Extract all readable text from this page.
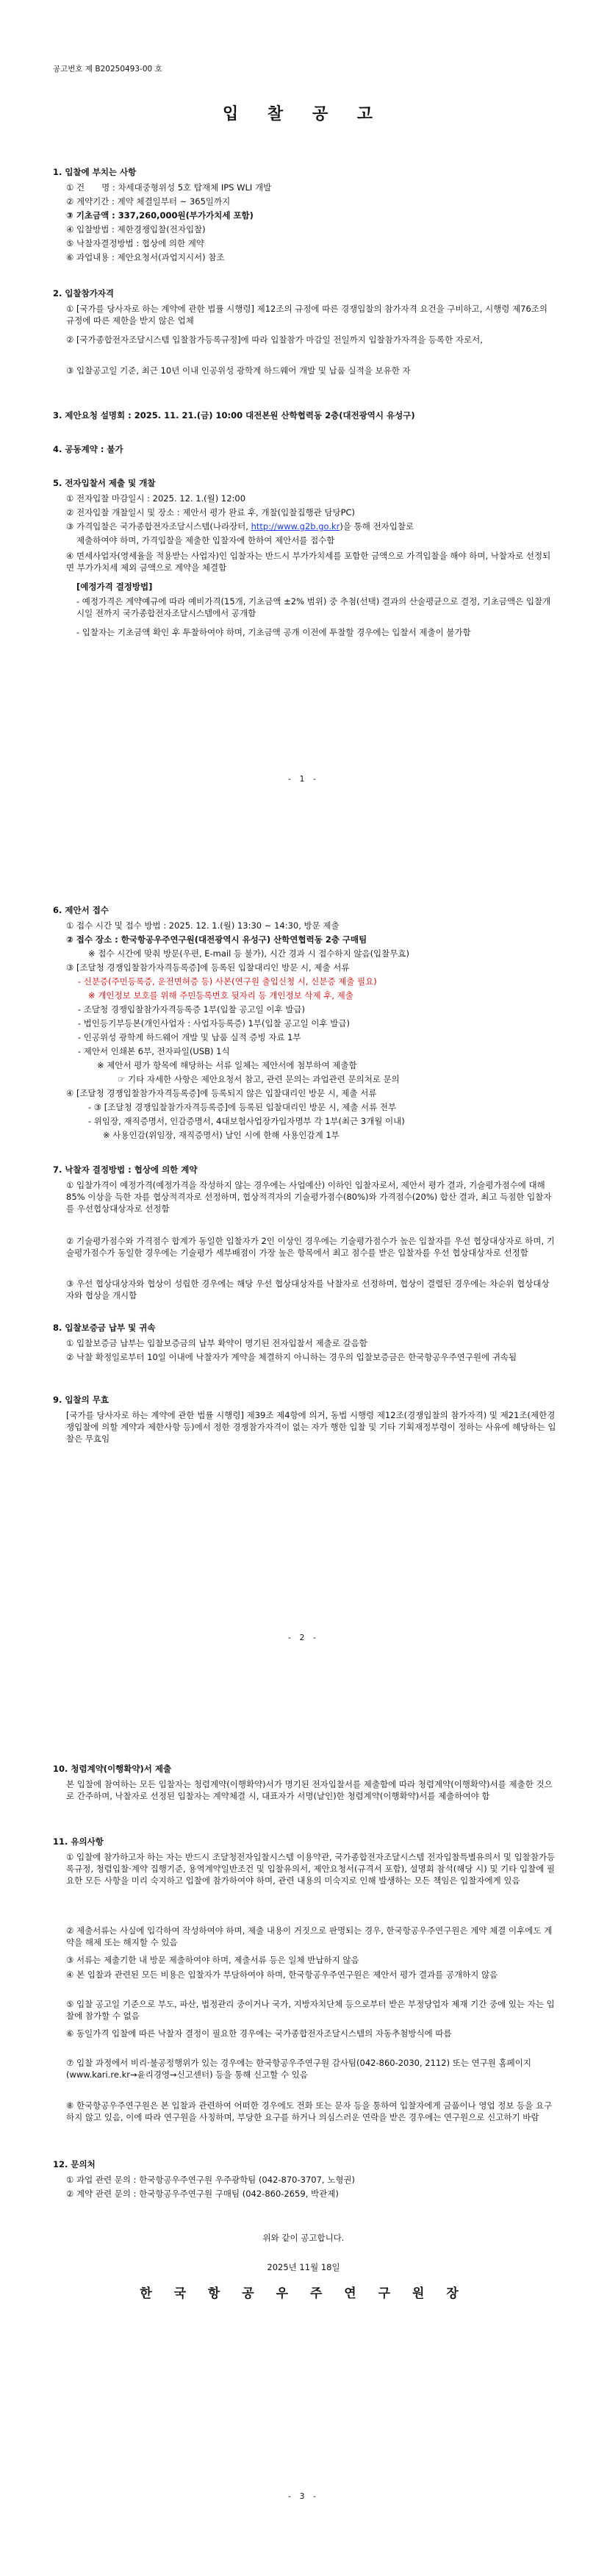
공고번호 제 B20250493-00 호
입 찰 공 고
1. 입찰에 부치는 사항
① 건　　명 : 차세대중형위성 5호 탑재체 IPS WLI 개발
② 계약기간 : 계약 체결일부터 ~ 365일까지
③ 기초금액 : 337,260,000원(부가가치세 포함)
④ 입찰방법 : 제한경쟁입찰(전자입찰)
⑤ 낙찰자결정방법 : 협상에 의한 계약
⑥ 과업내용 : 제안요청서(과업지시서) 참조
2. 입찰참가자격
① [국가를 당사자로 하는 계약에 관한 법률 시행령] 제12조의 규정에 따른 경쟁입찰의 참가자격 요건을 구비하고, 시행령 제76조의 규정에 따른 제한을 받지 않은 업체
② [국가종합전자조달시스템 입찰참가등록규정]에 따라 입찰참가 마감일 전일까지 입찰참가자격을 등록한 자로서,
③ 입찰공고일 기준, 최근 10년 이내 인공위성 광학계 하드웨어 개발 및 납품 실적을 보유한 자
3. 제안요청 설명회 : 2025. 11. 21.(금) 10:00 대전본원 산학협력동 2층(대전광역시 유성구)
4. 공동계약 : 불가
5. 전자입찰서 제출 및 개찰
① 전자입찰 마감일시 : 2025. 12. 1.(월) 12:00
② 전자입찰 개찰일시 및 장소 : 제안서 평가 완료 후, 개찰(입찰집행관 담당PC)
③ 가격입찰은 국가종합전자조달시스템(나라장터, http://www.g2b.go.kr)을 통해 전자입찰로
제출하여야 하며, 가격입찰을 제출한 입찰자에 한하여 제안서를 접수함
④ 면세사업자(영세율을 적용받는 사업자)인 입찰자는 반드시 부가가치세를 포함한 금액으로 가격입찰을 해야 하며, 낙찰자로 선정되면 부가가치세 제외 금액으로 계약을 체결함
[예정가격 결정방법]
- 예정가격은 계약예규에 따라 예비가격(15개, 기초금액 ±2% 범위) 중 추첨(선택) 결과의 산술평균으로 결정, 기초금액은 입찰개시일 전까지 국가종합전자조달시스템에서 공개함
- 입찰자는 기초금액 확인 후 투찰하여야 하며, 기초금액 공개 이전에 투찰할 경우에는 입찰서 제출이 불가함
- 1 -
6. 제안서 접수
① 접수 시간 및 접수 방법 : 2025. 12. 1.(월) 13:30 ~ 14:30, 방문 제출
② 접수 장소 : 한국항공우주연구원(대전광역시 유성구) 산학연협력동 2층 구매팀
※ 접수 시간에 맞춰 방문(우편, E-mail 등 불가), 시간 경과 시 접수하지 않음(입찰무효)
③ [조달청 경쟁입찰참가자격등록증]에 등록된 입찰대리인 방문 시, 제출 서류
- 신분증(주민등록증, 운전면허증 등) 사본(연구원 출입신청 시, 신분증 제출 필요)
※ 개인정보 보호를 위해 주민등록번호 뒷자리 등 개인정보 삭제 후, 제출
- 조달청 경쟁입찰참가자격등록증 1부(입찰 공고일 이후 발급)
- 법인등기부등본(개인사업자 : 사업자등록증) 1부(입찰 공고일 이후 발급)
- 인공위성 광학계 하드웨어 개발 및 납품 실적 증빙 자료 1부
- 제안서 인쇄본 6부, 전자파일(USB) 1식
※ 제안서 평가 항목에 해당하는 서류 일체는 제안서에 첨부하여 제출함
☞ 기타 자세한 사항은 제안요청서 참고, 관련 문의는 과업관련 문의처로 문의
④ [조달청 경쟁입찰참가자격등록증]에 등록되지 않은 입찰대리인 방문 시, 제출 서류
- ③ [조달청 경쟁입찰참가자격등록증]에 등록된 입찰대리인 방문 시, 제출 서류 전부
- 위임장, 재직증명서, 인감증명서, 4대보험사업장가입자명부 각 1부(최근 3개월 이내)
※ 사용인감(위임장, 재직증명서) 날인 시에 한해 사용인감계 1부
7. 낙찰자 결정방법 : 협상에 의한 계약
① 입찰가격이 예정가격(예정가격을 작성하지 않는 경우에는 사업예산) 이하인 입찰자로서, 제안서 평가 결과, 기술평가점수에 대해 85% 이상을 득한 자를 협상적격자로 선정하며, 협상적격자의 기술평가점수(80%)와 가격점수(20%) 합산 결과, 최고 득점한 입찰자를 우선협상대상자로 선정함
② 기술평가점수와 가격점수 합계가 동일한 입찰자가 2인 이상인 경우에는 기술평가점수가 높은 입찰자를 우선 협상대상자로 하며, 기술평가점수가 동일한 경우에는 기술평가 세부배점이 가장 높은 항목에서 최고 점수를 받은 입찰자를 우선 협상대상자로 선정함
③ 우선 협상대상자와 협상이 성립한 경우에는 해당 우선 협상대상자를 낙찰자로 선정하며, 협상이 결렬된 경우에는 차순위 협상대상자와 협상을 개시함
8. 입찰보증금 납부 및 귀속
① 입찰보증금 납부는 입찰보증금의 납부 확약이 명기된 전자입찰서 제출로 갈음함
② 낙찰 확정일로부터 10일 이내에 낙찰자가 계약을 체결하지 아니하는 경우의 입찰보증금은 한국항공우주연구원에 귀속됨
9. 입찰의 무효
[국가를 당사자로 하는 계약에 관한 법률 시행령] 제39조 제4항에 의거, 동법 시행령 제12조(경쟁입찰의 참가자격) 및 제21조(제한경쟁입찰에 의할 계약과 제한사항 등)에서 정한 경쟁참가자격이 없는 자가 행한 입찰 및 기타 기획재정부령이 정하는 사유에 해당하는 입찰은 무효임
- 2 -
10. 청렴계약(이행확약)서 제출
본 입찰에 참여하는 모든 입찰자는 청렴계약(이행확약)서가 명기된 전자입찰서를 제출함에 따라 청렴계약(이행확약)서를 제출한 것으로 간주하며, 낙찰자로 선정된 입찰자는 계약체결 시, 대표자가 서명(날인)한 청렴계약(이행확약)서를 제출하여야 함
11. 유의사항
① 입찰에 참가하고자 하는 자는 반드시 조달청전자입찰시스템 이용약관, 국가종합전자조달시스템 전자입찰특별유의서 및 입찰참가등록규정, 청렴입찰·계약 집행기준, 용역계약일반조건 및 입찰유의서, 제안요청서(규격서 포함), 설명회 참석(해당 시) 및 기타 입찰에 필요한 모든 사항을 미리 숙지하고 입찰에 참가하여야 하며, 관련 내용의 미숙지로 인해 발생하는 모든 책임은 입찰자에게 있음
② 제출서류는 사실에 입각하여 작성하여야 하며, 제출 내용이 거짓으로 판명되는 경우, 한국항공우주연구원은 계약 체결 이후에도 계약을 해제 또는 해지할 수 있음
③ 서류는 제출기한 내 방문 제출하여야 하며, 제출서류 등은 일체 반납하지 않음
④ 본 입찰과 관련된 모든 비용은 입찰자가 부담하여야 하며, 한국항공우주연구원은 제안서 평가 결과를 공개하지 않음
⑤ 입찰 공고일 기준으로 부도, 파산, 법정관리 중이거나 국가, 지방자치단체 등으로부터 받은 부정당업자 제재 기간 중에 있는 자는 입찰에 참가할 수 없음
⑥ 동일가격 입찰에 따른 낙찰자 결정이 필요한 경우에는 국가종합전자조달시스템의 자동추첨방식에 따름
⑦ 입찰 과정에서 비리·불공정행위가 있는 경우에는 한국항공우주연구원 감사팀(042-860-2030, 2112) 또는 연구원 홈페이지(www.kari.re.kr→윤리경영→신고센터) 등을 통해 신고할 수 있음
⑧ 한국항공우주연구원은 본 입찰과 관련하여 어떠한 경우에도 전화 또는 문자 등을 통하여 입찰자에게 금품이나 영업 정보 등을 요구하지 않고 있음, 이에 따라 연구원을 사칭하며, 부당한 요구를 하거나 의심스러운 연락을 받은 경우에는 연구원으로 신고하기 바람
12. 문의처
① 과업 관련 문의 : 한국항공우주연구원 우주광학팀 (042-870-3707, 노형권)
② 계약 관련 문의 : 한국항공우주연구원 구매팀 (042-860-2659, 박관제)
위와 같이 공고합니다.
2025년 11월 18일
한 국 항 공 우 주 연 구 원 장
- 3 -
